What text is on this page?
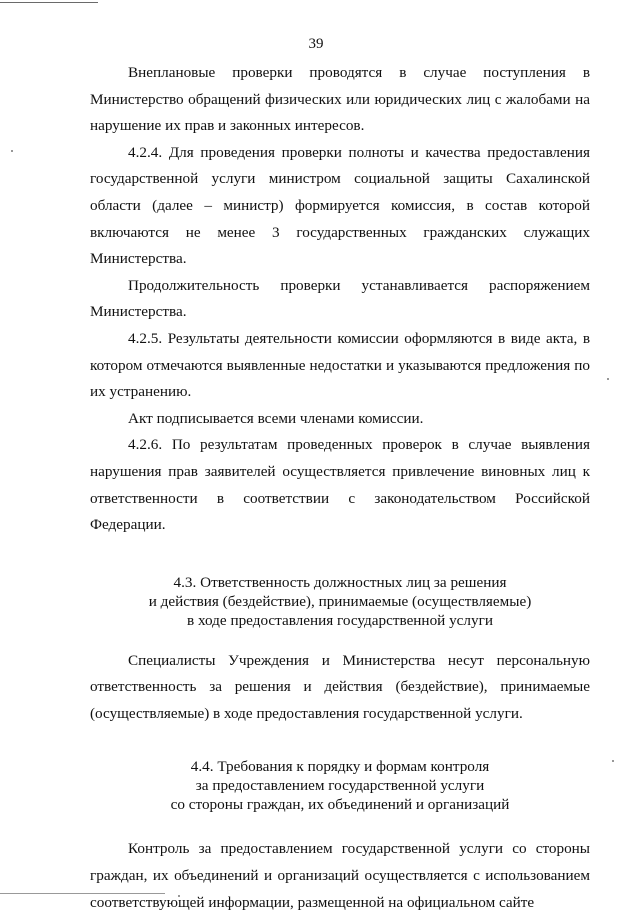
39

Внеплановые проверки проводятся в случае поступления в Министерство обращений физических или юридических лиц с жалобами на нарушение их прав и законных интересов.

4.2.4. Для проведения проверки полноты и качества предоставления государственной услуги министром социальной защиты Сахалинской области (далее – министр) формируется комиссия, в состав которой включаются не менее 3 государственных гражданских служащих Министерства.

Продолжительность проверки устанавливается распоряжением Министерства.

4.2.5. Результаты деятельности комиссии оформляются в виде акта, в котором отмечаются выявленные недостатки и указываются предложения по их устранению.

Акт подписывается всеми членами комиссии.

4.2.6. По результатам проведенных проверок в случае выявления нарушения прав заявителей осуществляется привлечение виновных лиц к ответственности в соответствии с законодательством Российской Федерации.

4.3. Ответственность должностных лиц за решения
и действия (бездействие), принимаемые (осуществляемые)
в ходе предоставления государственной услуги

Специалисты Учреждения и Министерства несут персональную ответственность за решения и действия (бездействие), принимаемые (осуществляемые) в ходе предоставления государственной услуги.

4.4. Требования к порядку и формам контроля
за предоставлением государственной услуги
со стороны граждан, их объединений и организаций

Контроль за предоставлением государственной услуги со стороны граждан, их объединений и организаций осуществляется с использованием соответствующей информации, размещенной на официальном сайте
